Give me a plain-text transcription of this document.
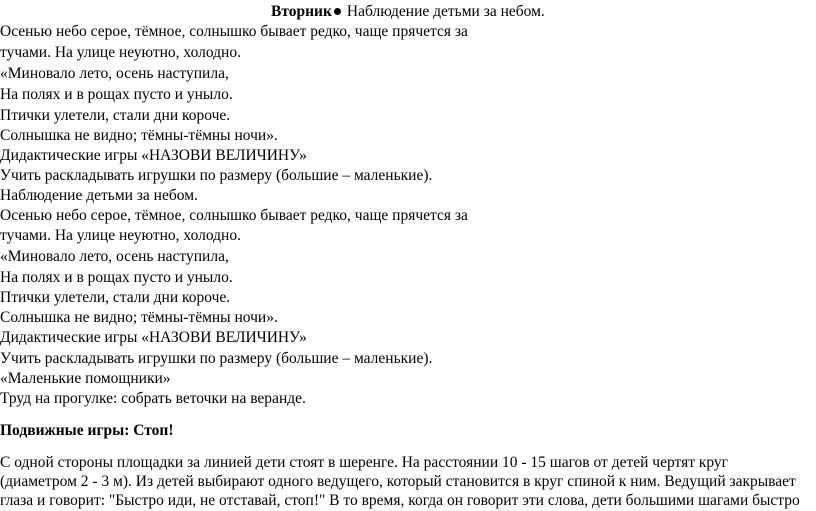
Вторник Наблюдение детьми за небом.
Осенью небо серое, тёмное, солнышко бывает редко, чаще прячется за
тучами. На улице неуютно, холодно.
«Миновало лето, осень наступила,
На полях и в рощах пусто и уныло.
Птички улетели, стали дни короче.
Солнышка не видно; тёмны-тёмны ночи».
Дидактические игры «НАЗОВИ ВЕЛИЧИНУ»
Учить раскладывать игрушки по размеру (большие – маленькие).
Наблюдение детьми за небом.
Осенью небо серое, тёмное, солнышко бывает редко, чаще прячется за
тучами. На улице неуютно, холодно.
«Миновало лето, осень наступила,
На полях и в рощах пусто и уныло.
Птички улетели, стали дни короче.
Солнышка не видно; тёмны-тёмны ночи».
Дидактические игры «НАЗОВИ ВЕЛИЧИНУ»
Учить раскладывать игрушки по размеру (большие – маленькие).
«Маленькие помощники»
Труд на прогулке: собрать веточки на веранде.
Подвижные игры: Стоп!
С одной стороны площадки за линией дети стоят в шеренге. На расстоянии 10 - 15 шагов от детей чертят круг
(диаметром 2 - 3 м). Из детей выбирают одного ведущего, который становится в круг спиной к ним. Ведущий закрывает
глаза и говорит: "Быстро иди, не отставай, стоп!" В то время, когда он говорит эти слова, дети большими шагами быстро
